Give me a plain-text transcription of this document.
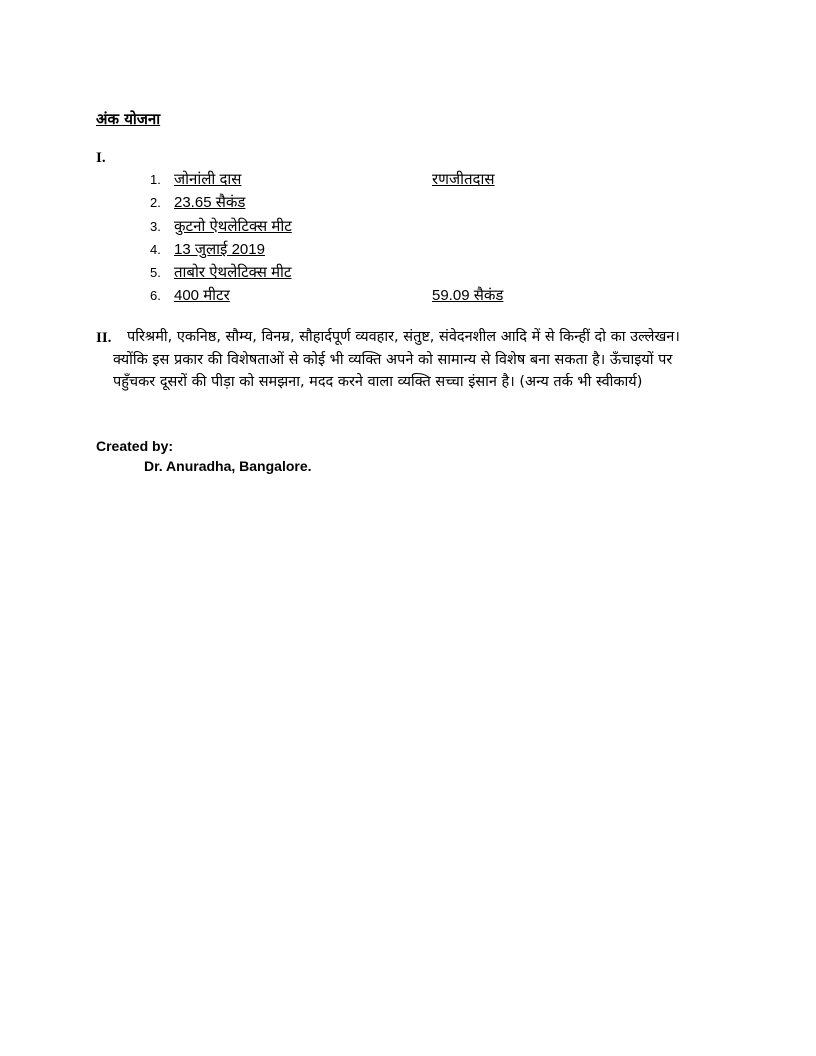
अंक योजना
I.
1. जोनांली दास	रणजीतदास
2. 23.65 सैकंड
3. कुटनो ऐथलेटिक्स मीट
4. 13 जुलाई 2019
5. ताबोर ऐथलेटिक्स मीट
6. 400 मीटर	59.09 सैकंड
II.	परिश्रमी, एकनिष्ठ, सौम्य, विनम्र, सौहार्दपूर्ण व्यवहार, संतुष्ट, संवेदनशील आदि में से किन्हीं दो का उल्लेखन। क्योंकि इस प्रकार की विशेषताओं से कोई भी व्यक्ति अपने को सामान्य से विशेष बना सकता है। ऊँचाइयों पर पहुँचकर दूसरों की पीड़ा को समझना, मदद करने वाला व्यक्ति सच्चा इंसान है। (अन्य तर्क भी स्वीकार्य)
Created by:
Dr. Anuradha, Bangalore.
